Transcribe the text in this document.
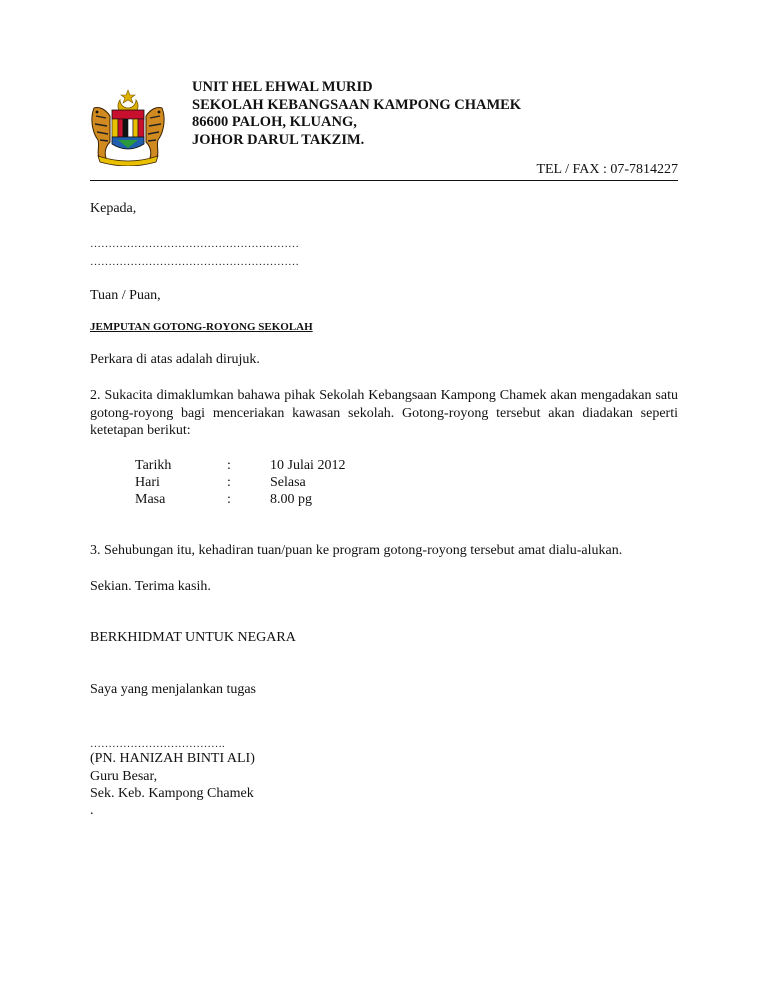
UNIT HEL EHWAL MURID
SEKOLAH KEBANGSAAN KAMPONG CHAMEK
86600 PALOH, KLUANG,
JOHOR DARUL TAKZIM.
TEL / FAX : 07-7814227
Kepada,
…………………………………………………
…………………………………………………
Tuan / Puan,
JEMPUTAN GOTONG-ROYONG SEKOLAH
Perkara di atas adalah dirujuk.
2. Sukacita dimaklumkan bahawa pihak Sekolah Kebangsaan Kampong Chamek akan mengadakan satu gotong-royong bagi menceriakan kawasan sekolah. Gotong-royong tersebut akan diadakan seperti ketetapan berikut:
Tarikh	:	10 Julai 2012
Hari	:	Selasa
Masa	:	8.00 pg
3. Sehubungan itu, kehadiran tuan/puan ke program gotong-royong tersebut amat dialu-alukan.
Sekian. Terima kasih.
BERKHIDMAT UNTUK NEGARA
Saya yang menjalankan tugas
……………………………….
(PN. HANIZAH BINTI ALI)
Guru Besar,
Sek. Keb. Kampong Chamek
.
